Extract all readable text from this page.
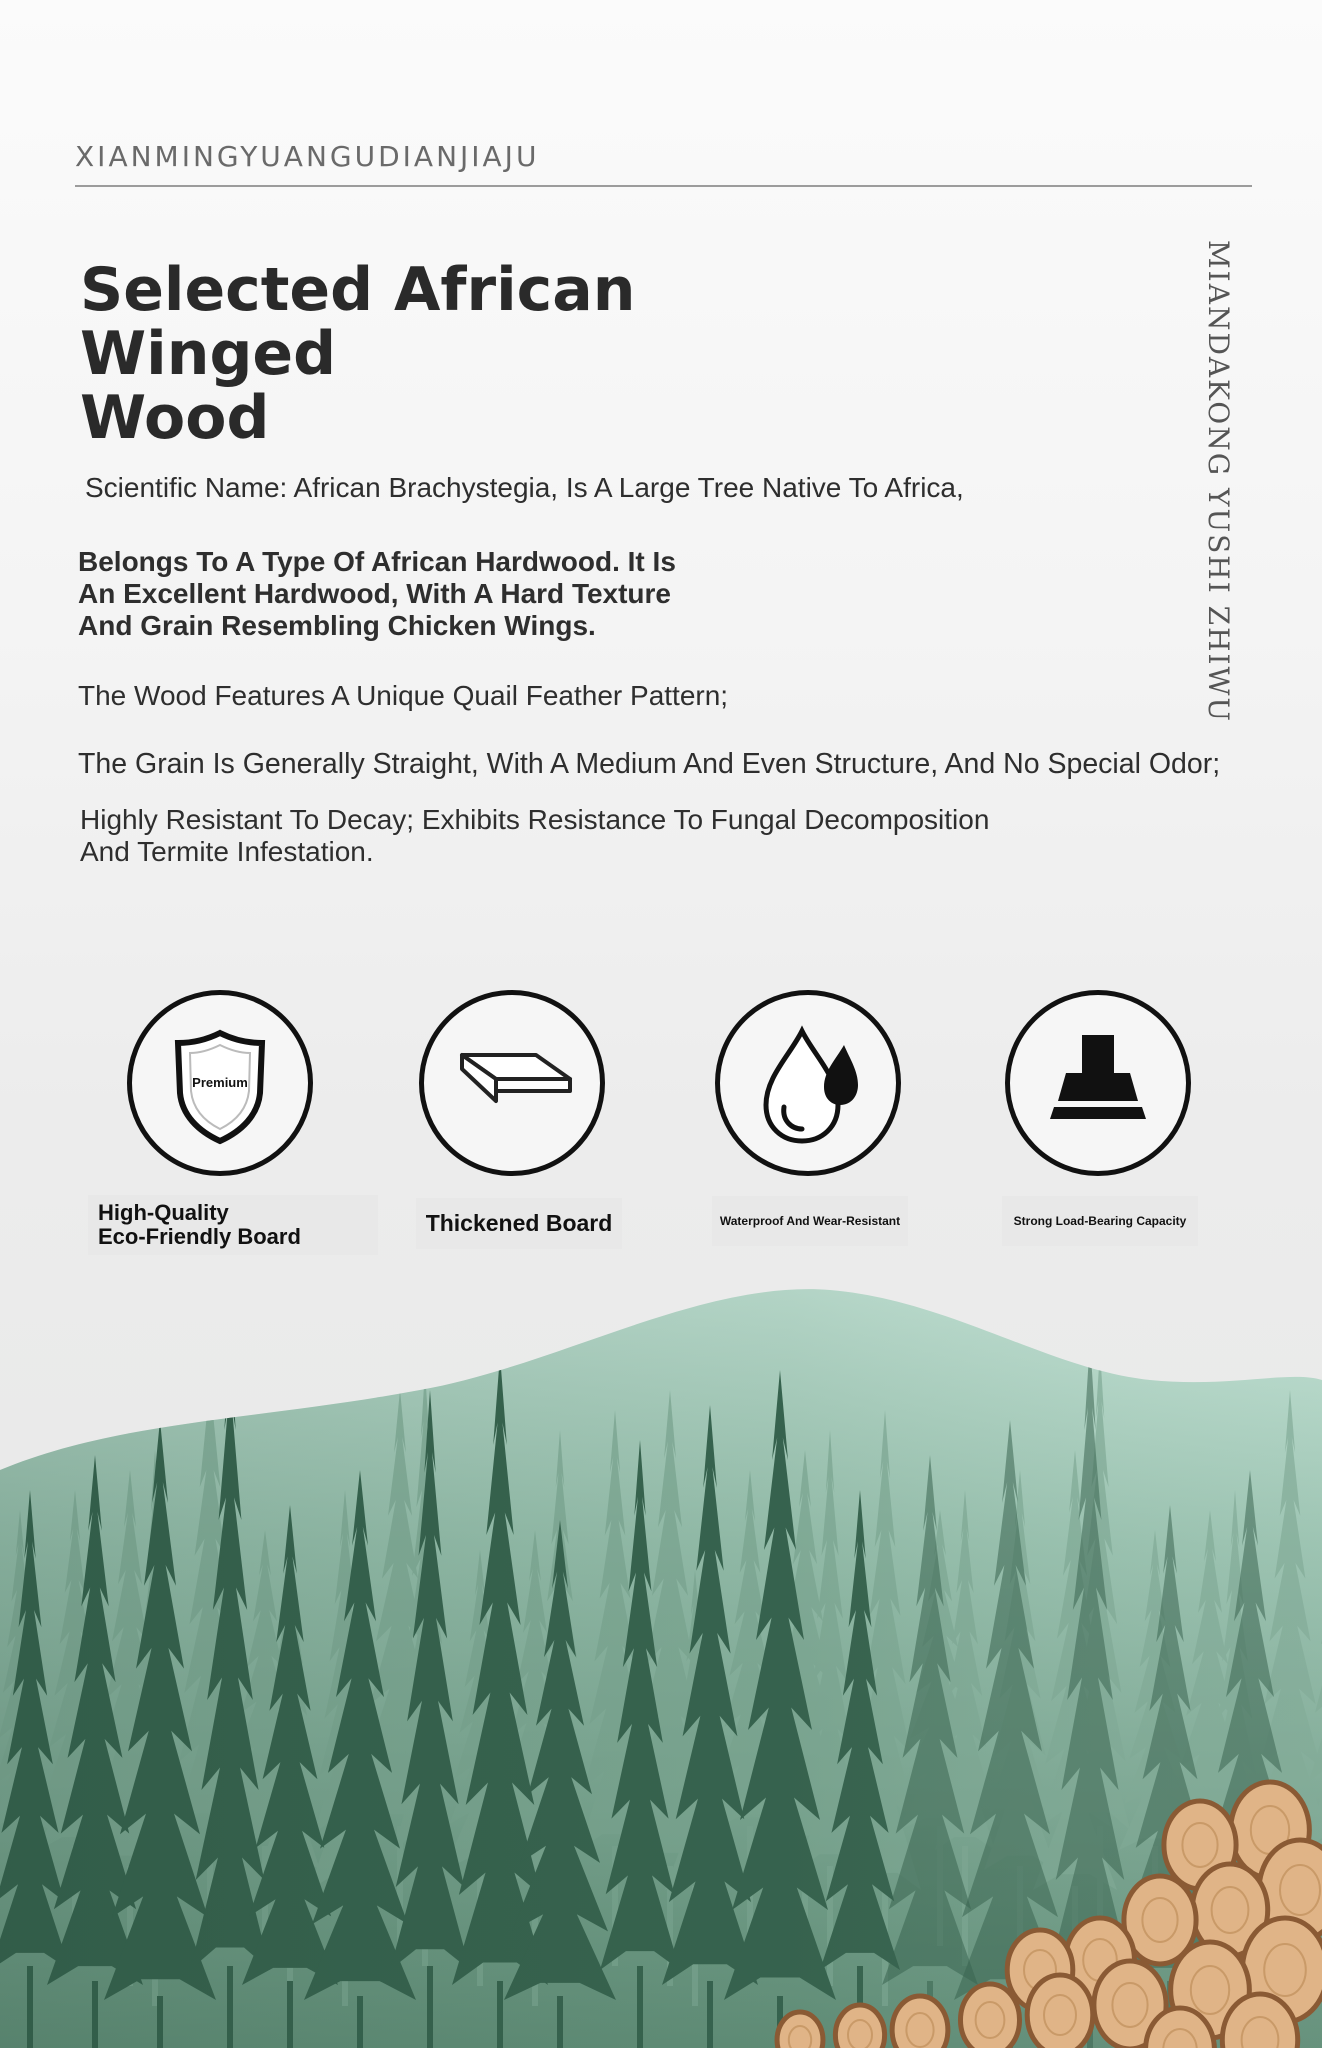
XIANMINGYUANGUDIANJIAJU
MIANDAKONG YUSHI ZHIWU
Selected African Winged
Wood

Scientific Name: African Brachystegia, Is A Large Tree Native To Africa,

Belongs To A Type Of African Hardwood. It Is
An Excellent Hardwood, With A Hard Texture
And Grain Resembling Chicken Wings.

The Wood Features A Unique Quail Feather Pattern;

The Grain Is Generally Straight, With A Medium And Even Structure, And No Special Odor;

Highly Resistant To Decay; Exhibits Resistance To Fungal Decomposition
And Termite Infestation.

Premium
High-Quality
Eco-Friendly Board
Thickened Board	Waterproof And Wear-Resistant	Strong Load-Bearing Capacity
